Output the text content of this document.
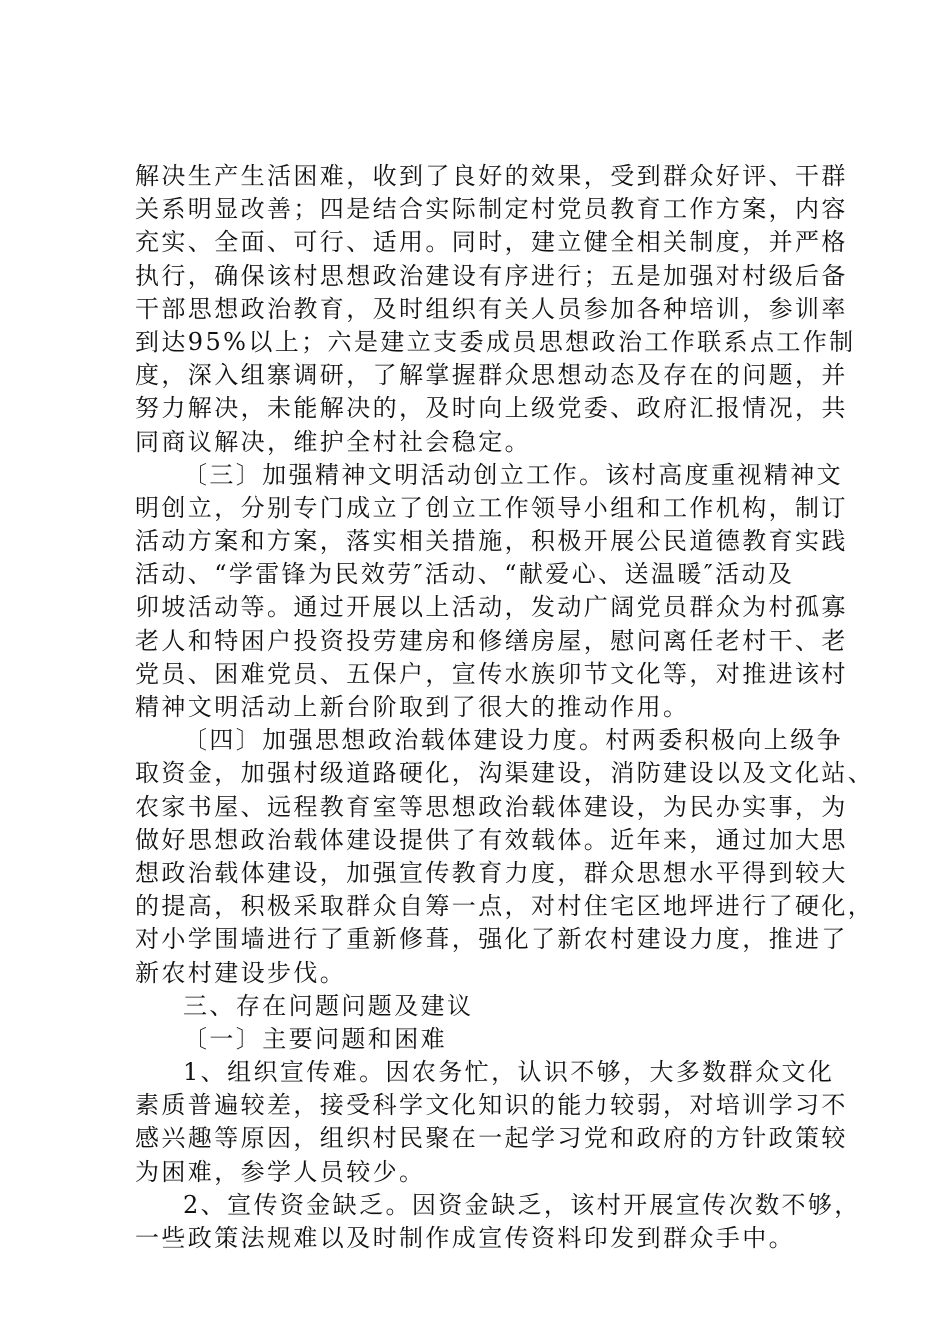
解决生产生活困难，收到了良好的效果，受到群众好评、干群
关系明显改善；四是结合实际制定村党员教育工作方案，内容
充实、全面、可行、适用。同时，建立健全相关制度，并严格
执行，确保该村思想政治建设有序进行；五是加强对村级后备
干部思想政治教育，及时组织有关人员参加各种培训，参训率
到达95%以上；六是建立支委成员思想政治工作联系点工作制
度，深入组寨调研，了解掌握群众思想动态及存在的问题，并
努力解决，未能解决的，及时向上级党委、政府汇报情况，共
同商议解决，维护全村社会稳定。
〔三〕加强精神文明活动创立工作。该村高度重视精神文
明创立，分别专门成立了创立工作领导小组和工作机构，制订
活动方案和方案，落实相关措施，积极开展公民道德教育实践
活动、“学雷锋为民效劳″活动、“献爱心、送温暖″活动及
卯坡活动等。通过开展以上活动，发动广阔党员群众为村孤寡
老人和特困户投资投劳建房和修缮房屋，慰问离任老村干、老
党员、困难党员、五保户，宣传水族卯节文化等，对推进该村
精神文明活动上新台阶取到了很大的推动作用。
〔四〕加强思想政治载体建设力度。村两委积极向上级争
取资金，加强村级道路硬化，沟渠建设，消防建设以及文化站、
农家书屋、远程教育室等思想政治载体建设，为民办实事，为
做好思想政治载体建设提供了有效载体。近年来，通过加大思
想政治载体建设，加强宣传教育力度，群众思想水平得到较大
的提高，积极采取群众自筹一点，对村住宅区地坪进行了硬化，
对小学围墙进行了重新修葺，强化了新农村建设力度，推进了
新农村建设步伐。
三、存在问题问题及建议
〔一〕主要问题和困难
1、组织宣传难。因农务忙，认识不够，大多数群众文化
素质普遍较差，接受科学文化知识的能力较弱，对培训学习不
感兴趣等原因，组织村民聚在一起学习党和政府的方针政策较
为困难，参学人员较少。
2、宣传资金缺乏。因资金缺乏，该村开展宣传次数不够，
一些政策法规难以及时制作成宣传资料印发到群众手中。
